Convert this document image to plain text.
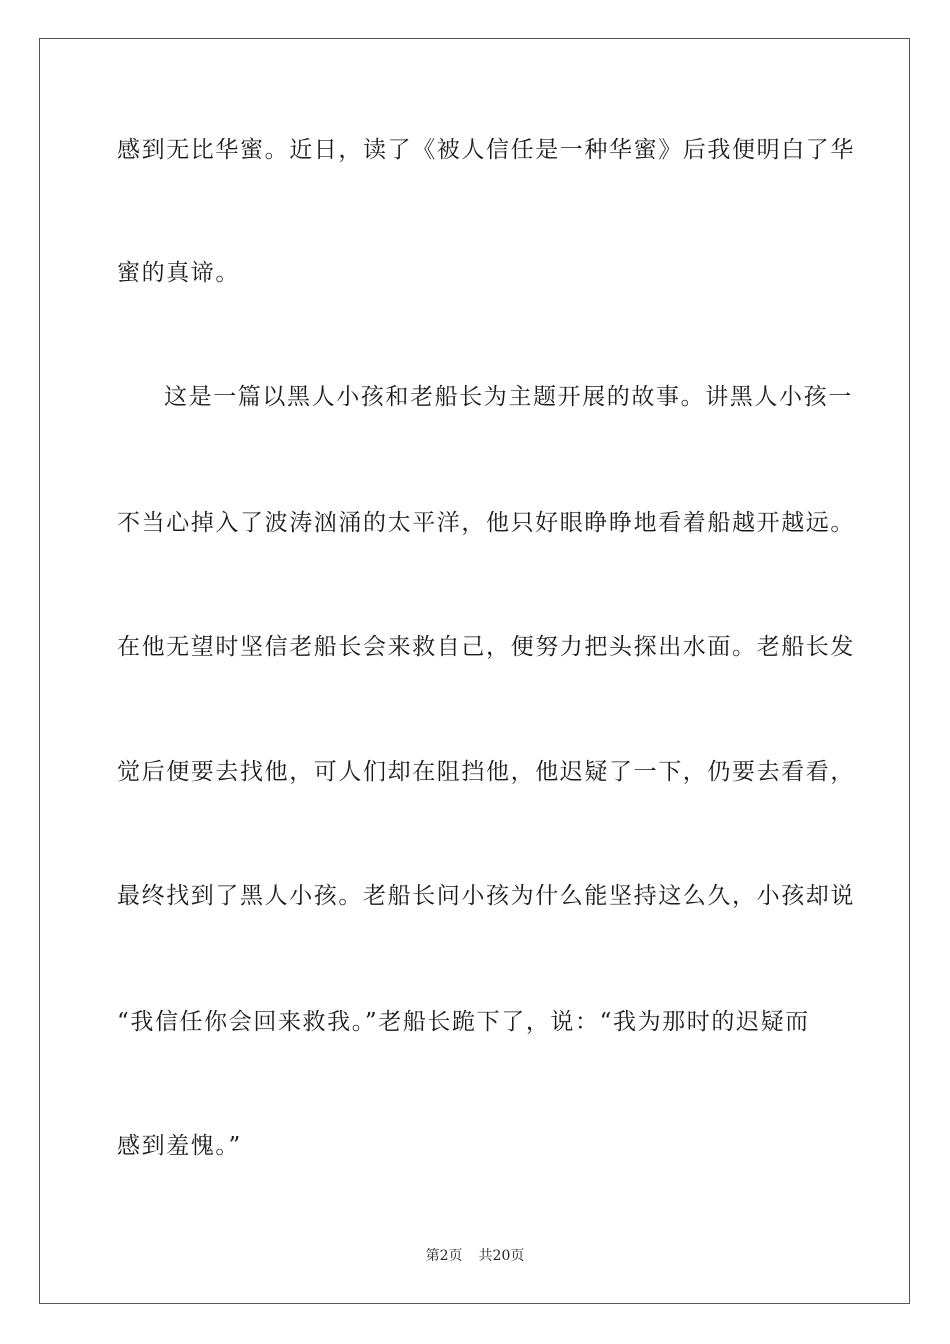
感到无比华蜜。近日，读了《被人信任是一种华蜜》后我便明白了华
蜜的真谛。
这是一篇以黑人小孩和老船长为主题开展的故事。讲黑人小孩一
不当心掉入了波涛汹涌的太平洋，他只好眼睁睁地看着船越开越远。
在他无望时坚信老船长会来救自己，便努力把头探出水面。老船长发
觉后便要去找他，可人们却在阻挡他，他迟疑了一下，仍要去看看，
最终找到了黑人小孩。老船长问小孩为什么能坚持这么久，小孩却说
“我信任你会回来救我。”老船长跪下了，说：“我为那时的迟疑而
感到羞愧。”
第2页 共20页
